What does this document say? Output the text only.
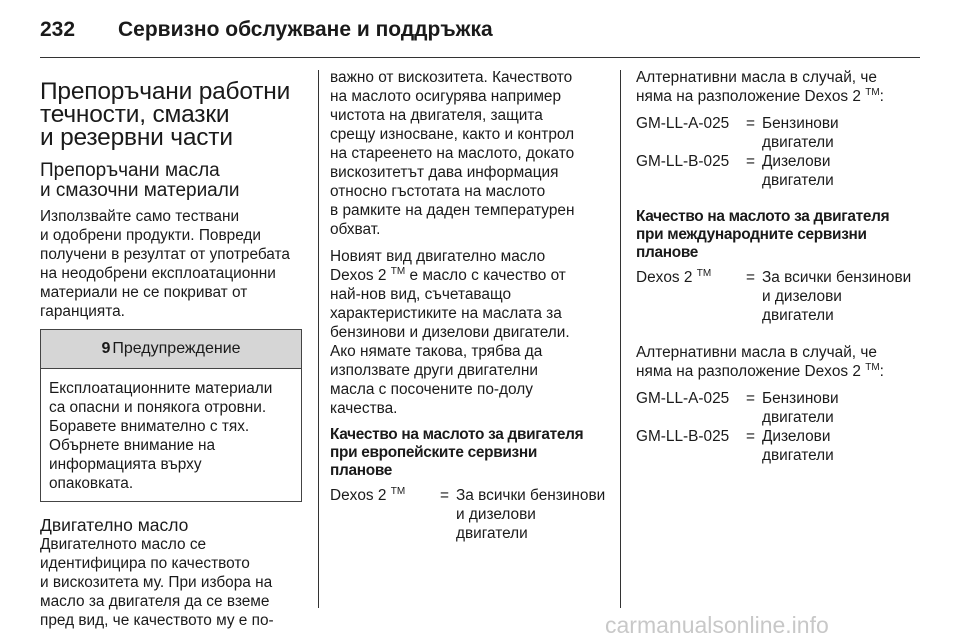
232 Сервизно обслужване и поддръжка
Препоръчани работни
течности, смазки
и резервни части
Препоръчани масла
и смазочни материали
Използвайте само тествани
и одобрени продукти. Повреди
получени в резултат от употребата
на неодобрени експлоатационни
материали не се покриват от
гаранцията.
9 Предупреждение
Експлоатационните материали
са опасни и понякога отровни.
Боравете внимателно с тях.
Обърнете внимание на
информацията върху
опаковката.
Двигателно масло
Двигателното масло се
идентифицира по качеството
и вискозитета му. При избора на
масло за двигателя да се вземе
пред вид, че качеството му е по-
важно от вискозитета. Качеството
на маслото осигурява например
чистота на двигателя, защита
срещу износване, както и контрол
на стареенето на маслото, докато
вискозитетът дава информация
относно гъстотата на маслото
в рамките на даден температурен
обхват.
Новият вид двигателно масло
Dexos 2 ™ е масло с качество от
най-нов вид, съчетаващо
характеристиките на маслата за
бензинови и дизелови двигатели.
Ако нямате такова, трябва да
използвате други двигателни
масла с посочените по-долу
качества.
Качество на маслото за двигателя
при европейските сервизни
планове
Dexos 2 ™	= За всички бензинови
и дизелови
двигатели
Алтернативни масла в случай, че
няма на разположение Dexos 2 ™:
GM-LL-A-025	= Бензинови
двигатели
GM-LL-B-025	= Дизелови
двигатели
Качество на маслото за двигателя
при международните сервизни
планове
Dexos 2 ™	= За всички бензинови
и дизелови
двигатели
Алтернативни масла в случай, че
няма на разположение Dexos 2 ™:
GM-LL-A-025	= Бензинови
двигатели
GM-LL-B-025	= Дизелови
двигатели
carmanualsonline.info
